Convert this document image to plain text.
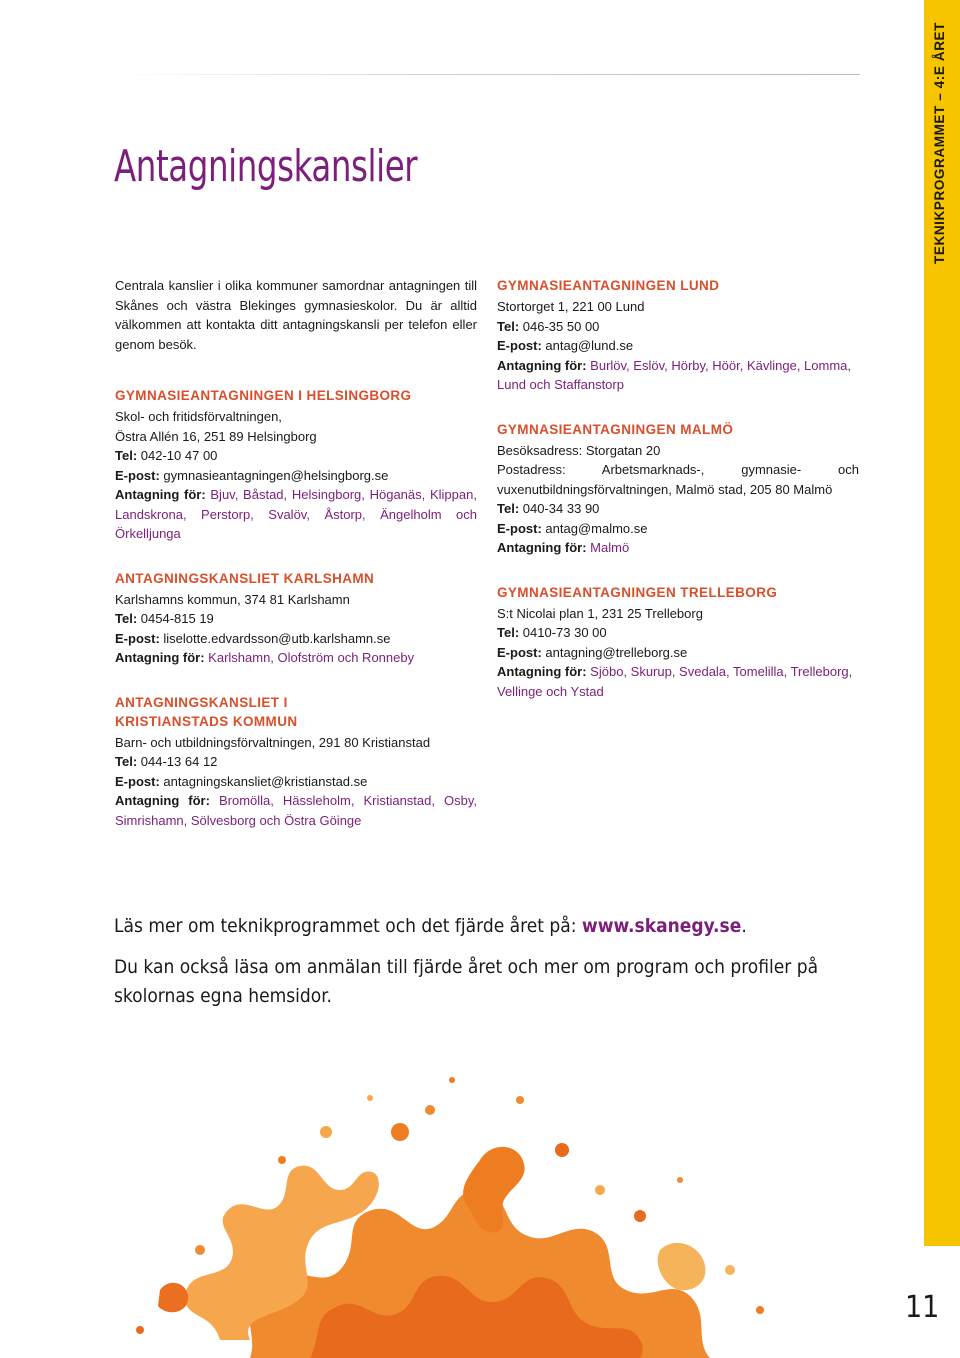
Antagningskanslier	TEKNIKPROGRAMMET – 4:E ÅRET

Centrala kanslier i olika kommuner samordnar antagningen till Skånes och västra Blekinges gymnasieskolor. Du är alltid välkommen att kontakta ditt antagningskansli per telefon eller genom besök.

GYMNASIEANTAGNINGEN I HELSINGBORG

Skol- och fritidsförvaltningen,

Östra Allén 16, 251 89 Helsingborg

Tel: 042-10 47 00

E-post: gymnasieantagningen@helsingborg.se

Antagning för: Bjuv, Båstad, Helsingborg, Höganäs, Klippan, Landskrona, Perstorp, Svalöv, Åstorp, Ängelholm och Örkelljunga

ANTAGNINGSKANSLIET KARLSHAMN

Karlshamns kommun, 374 81 Karlshamn

Tel: 0454-815 19

E-post: liselotte.edvardsson@utb.karlshamn.se

Antagning för: Karlshamn, Olofström och Ronneby

ANTAGNINGSKANSLIET I
KRISTIANSTADS KOMMUN

Barn- och utbildningsförvaltningen, 291 80 Kristianstad

Tel: 044-13 64 12

E-post: antagningskansliet@kristianstad.se

Antagning för: Bromölla, Hässleholm, Kristianstad, Osby, Simrishamn, Sölvesborg och Östra Göinge

GYMNASIEANTAGNINGEN LUND

Stortorget 1, 221 00 Lund

Tel: 046-35 50 00

E-post: antag@lund.se

Antagning för: Burlöv, Eslöv, Hörby, Höör, Kävlinge, Lomma, Lund och Staffanstorp

GYMNASIEANTAGNINGEN MALMÖ

Besöksadress: Storgatan 20

Postadress: Arbetsmarknads-, gymnasie- och vuxenutbildningsförvaltningen, Malmö stad, 205 80 Malmö

Tel: 040-34 33 90

E-post: antag@malmo.se

Antagning för: Malmö

GYMNASIEANTAGNINGEN TRELLEBORG

S:t Nicolai plan 1, 231 25 Trelleborg

Tel: 0410-73 30 00

E-post: antagning@trelleborg.se

Antagning för: Sjöbo, Skurup, Svedala, Tomelilla, Trelleborg, Vellinge och Ystad

Läs mer om teknikprogrammet och det fjärde året på: www.skanegy.se.

Du kan också läsa om anmälan till fjärde året och mer om program och profiler på skolornas egna hemsidor.

11
